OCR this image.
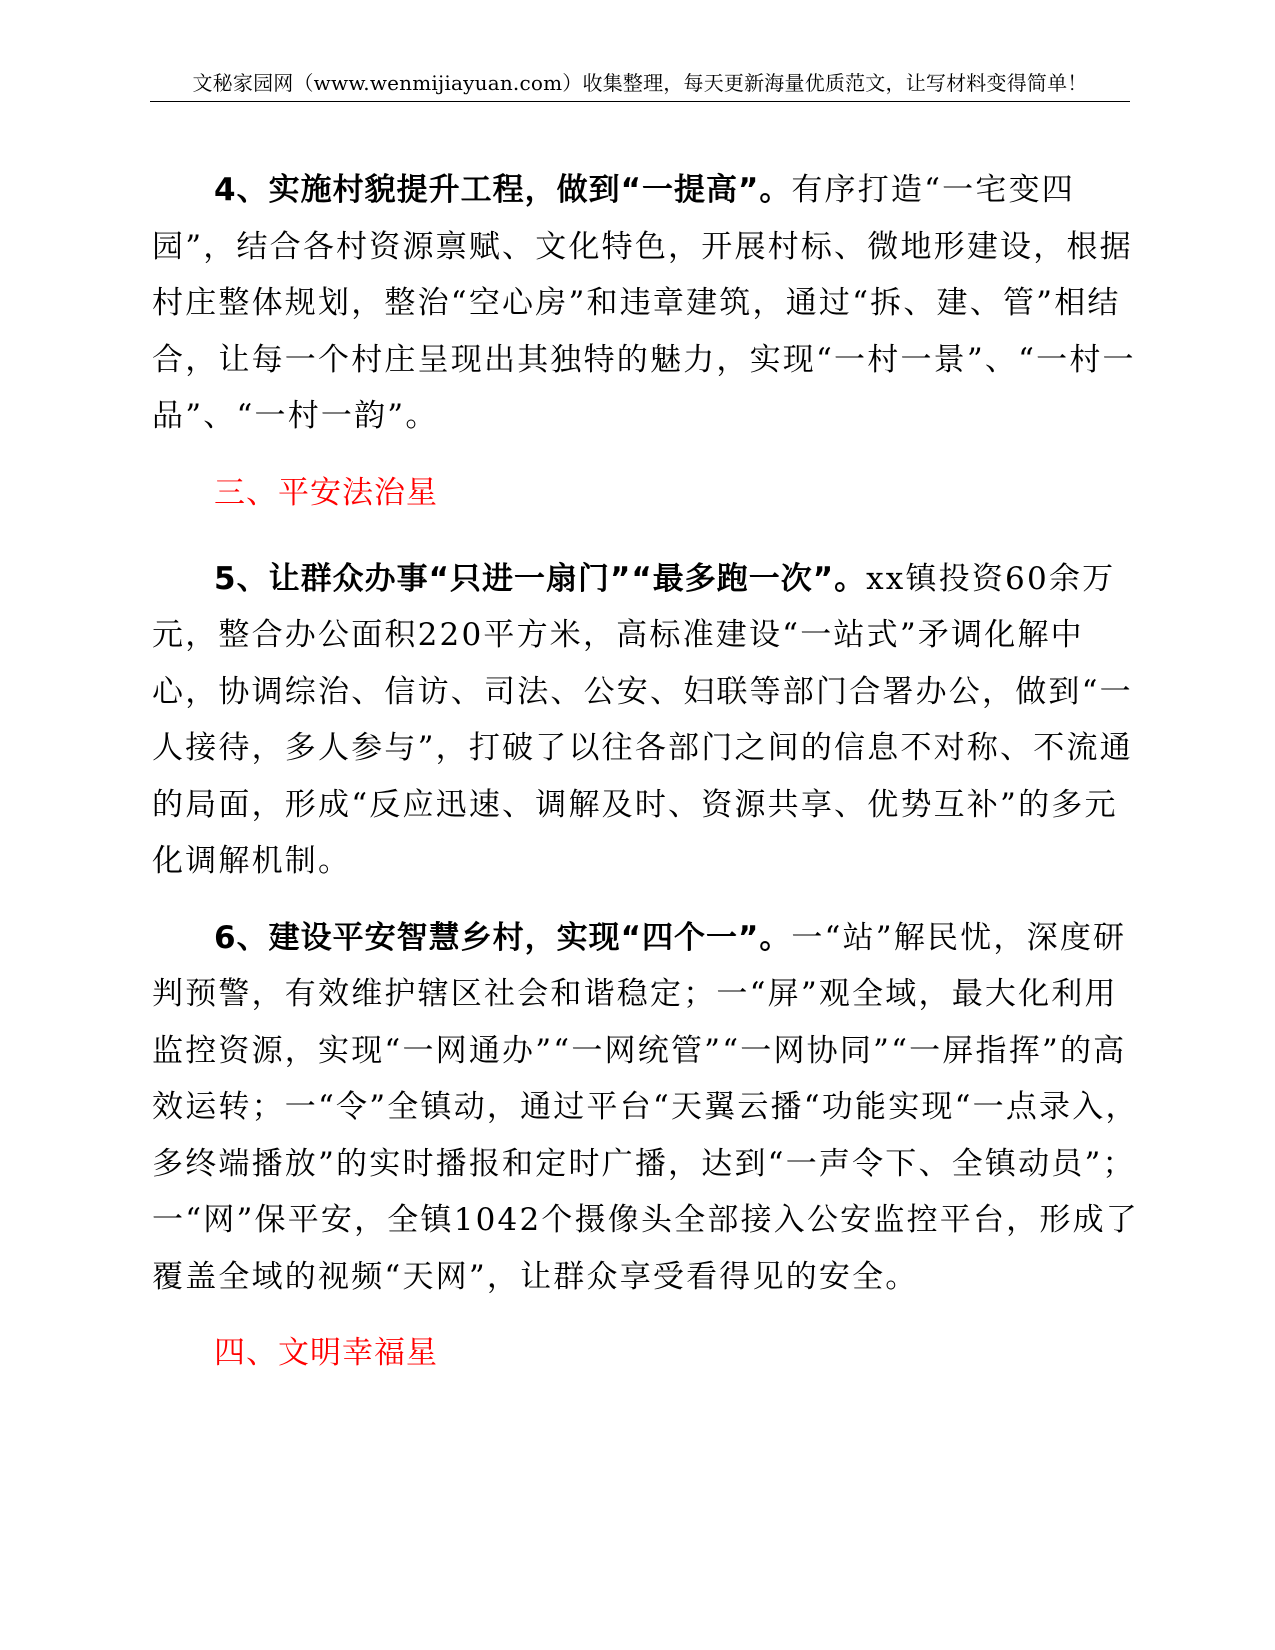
文秘家园网（www.wenmijiayuan.com）收集整理，每天更新海量优质范文，让写材料变得简单！

4、实施村貌提升工程，做到“一提高”。有序打造“一宅变四园”，结合各村资源禀赋、文化特色，开展村标、微地形建设，根据村庄整体规划，整治“空心房”和违章建筑，通过“拆、建、管”相结合，让每一个村庄呈现出其独特的魅力，实现“一村一景”、“一村一品”、“一村一韵”。

三、平安法治星

5、让群众办事“只进一扇门”“最多跑一次”。xx镇投资60余万元，整合办公面积220平方米，高标准建设“一站式”矛调化解中心，协调综治、信访、司法、公安、妇联等部门合署办公，做到“一人接待，多人参与”，打破了以往各部门之间的信息不对称、不流通的局面，形成“反应迅速、调解及时、资源共享、优势互补”的多元化调解机制。

6、建设平安智慧乡村，实现“四个一”。一“站”解民忧，深度研判预警，有效维护辖区社会和谐稳定；一“屏”观全域，最大化利用监控资源，实现“一网通办”“一网统管”“一网协同”“一屏指挥”的高效运转；一“令”全镇动，通过平台“天翼云播“功能实现“一点录入，多终端播放”的实时播报和定时广播，达到“一声令下、全镇动员”；一“网”保平安，全镇1042个摄像头全部接入公安监控平台，形成了覆盖全域的视频“天网”，让群众享受看得见的安全。

四、文明幸福星
